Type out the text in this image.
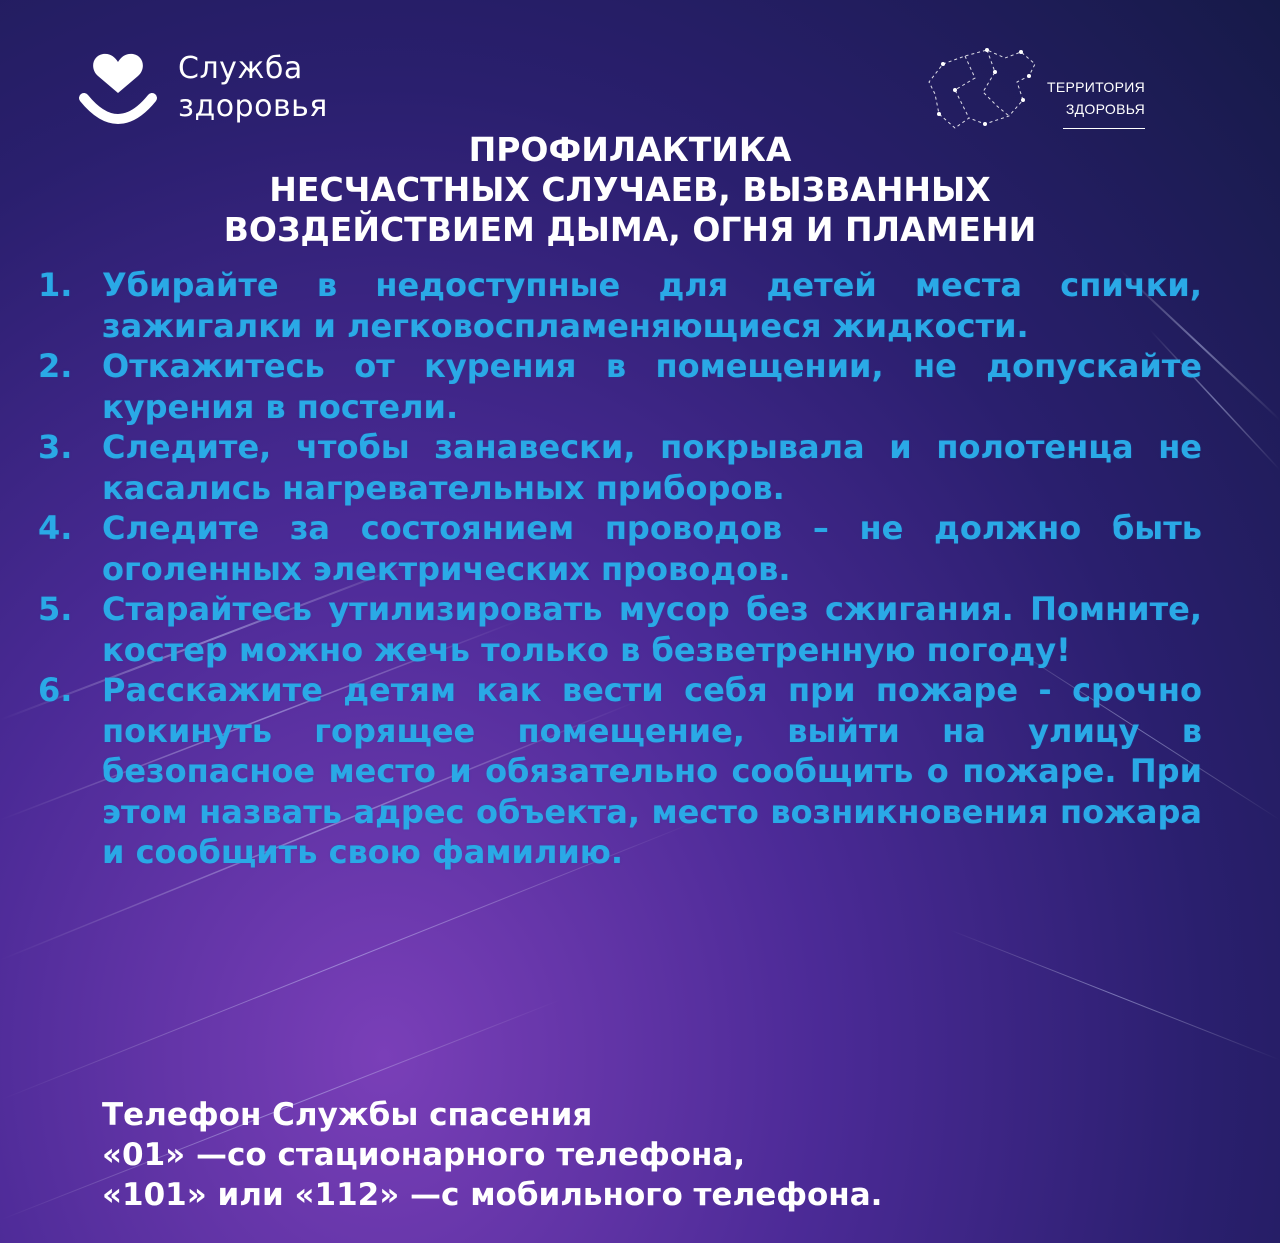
Служба
здоровья
ТЕРРИТОРИЯ
ЗДОРОВЬЯ
ПРОФИЛАКТИКА
НЕСЧАСТНЫХ СЛУЧАЕВ, ВЫЗВАННЫХ
ВОЗДЕЙСТВИЕМ ДЫМА, ОГНЯ И ПЛАМЕНИ
1. Убирайте в недоступные для детей места спички, зажигалки и легковоспламеняющиеся жидкости.
2. Откажитесь от курения в помещении, не допускайте курения в постели.
3. Следите, чтобы занавески, покрывала и полотенца не касались нагревательных приборов.
4. Следите за состоянием проводов – не должно быть оголенных электрических проводов.
5. Старайтесь утилизировать мусор без сжигания. Помните, костер можно жечь только в безветренную погоду!
6. Расскажите детям как вести себя при пожаре - срочно покинуть горящее помещение, выйти на улицу в безопасное место и обязательно сообщить о пожаре. При этом назвать адрес объекта, место возникновения пожара и сообщить свою фамилию.
Телефон Службы спасения
«01» —со стационарного телефона,
«101» или «112» —с мобильного телефона.
